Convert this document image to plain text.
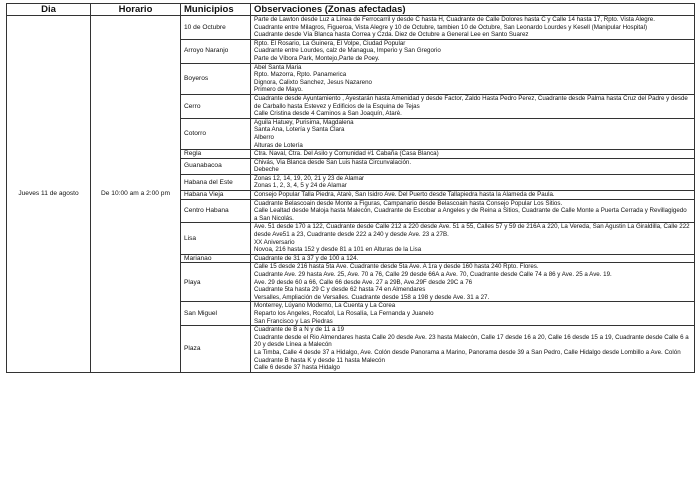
Dia	Horario	Municipios	Observaciones (Zonas afectadas)
Jueves 11 de agosto	De 10:00 am a 2:00 pm	10 de Octubre	Parte de Lawton desde Luz a Línea de Ferrocarril y desde C hasta H, Cuadrante de Calle Dolores hasta C y Calle 14 hasta 17, Rpto. Vista Alegre.
Cuadrante entre Milagros, Figueroa, Vista Alegre y 10 de Octubre, tambien 10 de Octubre, San Leonardo Lourdes y Kesell (Manipular Hospital)
Cuadrante desde Vía Blanca hasta Correa y Czda. Diez de Octubre a General Lee en Santo Suarez

		Arroyo Naranjo	Rpto. El Rosario, La Guinera, El Volpe, Ciudad Popular
Cuadrante entre Lourdes, calz de Managua, Imperio y San Gregorio
Parte de Víbora Park, Montejo,Parte de Poey.

		Boyeros	Abel Santa Maria
Rpto. Mazorra, Rpto. Panamerica
Dignora, Calixto Sanchez, Jesus Nazareno
Primero de Mayo.

		Cerro	Cuadrante desde Ayuntamiento , Ayestarán hasta Amenidad y desde Factor, Zaldo Hasta Pedro Perez, Cuadrante desde Palma hasta Cruz del Padre y desde de Carballo hasta Estevez y Edificios de la Esquina de Tejas
Calle Cristina desde 4 Caminos a San Joaquín, Atarè.

		Cotorro	Aguila Hatuey, Purisima, Magdalena
Santa Ana, Lotería y Santa Clara
Alberro
Alturas de Lotería

		Regla	Ctra. Naval, Ctra. Del Asilo y Comunidad #1 Cabaña (Casa Blanca)

		Guanabacoa	Chivás, Via Blanca desde San Luis hasta Circunvalación.
Debeche

		Habana del Este	Zonas 12, 14, 19, 20, 21 y 23 de Alamar
Zonas 1, 2, 3, 4, 5 y 24 de Alamar

		Habana Vieja	Consejo Popular Talla Piedra, Atarè, San Isidro Ave. Del Puerto desde Tallapiedra hasta la Alameda de Paula.

		Centro Habana	Cuadrante Belascoain desde Monte a Figuras, Campanario desde Belascoain hasta Consejo Popular Los Sitios.
Calle Lealtad desde Maloja hasta Malecón, Cuadrante de Escobar a Angeles y de Reina a Sitios, Cuadrante de Calle Monte a Puerta Cerrada y Revillagigedo a San Nicolás.

		Lisa	Ave. 51 desde 170 a 122, Cuadrante desde Calle 212 a 220 desde Ave. 51 a 55, Calles 57 y 59 de 216A a 220, La Vereda, San Agustin La Giraldilla, Calle 222 desde Ave51 a 23, Cuadrante desde 222 a 240 y desde Ave. 23 a 27B.
XX Aniversario
Novoa, 216 hasta 152 y desde 81 a 101 en Alturas de la Lisa

		Marianao	Cuadrante de 31 a 37 y de 100 a 124.

		Playa	Calle 15 desde 216 hasta 5ta Ave. Cuadrante desde 5ta Ave. A 1ra y desde 160 hasta 240 Rpto. Flores.
Cuadrante Ave. 29 hasta Ave. 25, Ave. 70 a 76, Calle 29 desde 66A a Ave. 70, Cuadrante desde Calle 74 a 86 y Ave. 25 a Ave. 19.
Ave. 29 desde 60 a 66, Calle 66 desde Ave. 27 a 29B, Ave.29F desde 29C a 76
Cuadrante 5ta hasta 29 C y desde 62 hasta 74 en Almendares
Versalles, Ampliación de Versalles. Cuadrante desde 158 a 198 y desde Ave. 31 a 27.

		San Miguel	Monterrey, Lúyano Moderno, La Cuenta y La Corea
Reparto los Angeles, Rocafol, La Rosalía, La Fernanda y Juanelo
San Francisco y Las Piedras

		Plaza	Cuadrante de B a N y de 11 a 19
Cuadrante desde el Rio Almendares hasta Calle 20 desde Ave. 23 hasta Malecón, Calle 17 desde 16 a 20, Calle 16 desde 15 a 19, Cuadrante desde Calle 6 a 20 y desde Línea a Malecón
La Timba, Calle 4 desde 37 a Hidalgo, Ave. Colón desde Panorama a Marino, Panorama desde 39 a San Pedro, Calle Hidalgo desde Lombillo a Ave. Colón
Cuadrante B hasta K y desde 11 hasta Malecón
Calle 6 desde 37 hasta Hidalgo
